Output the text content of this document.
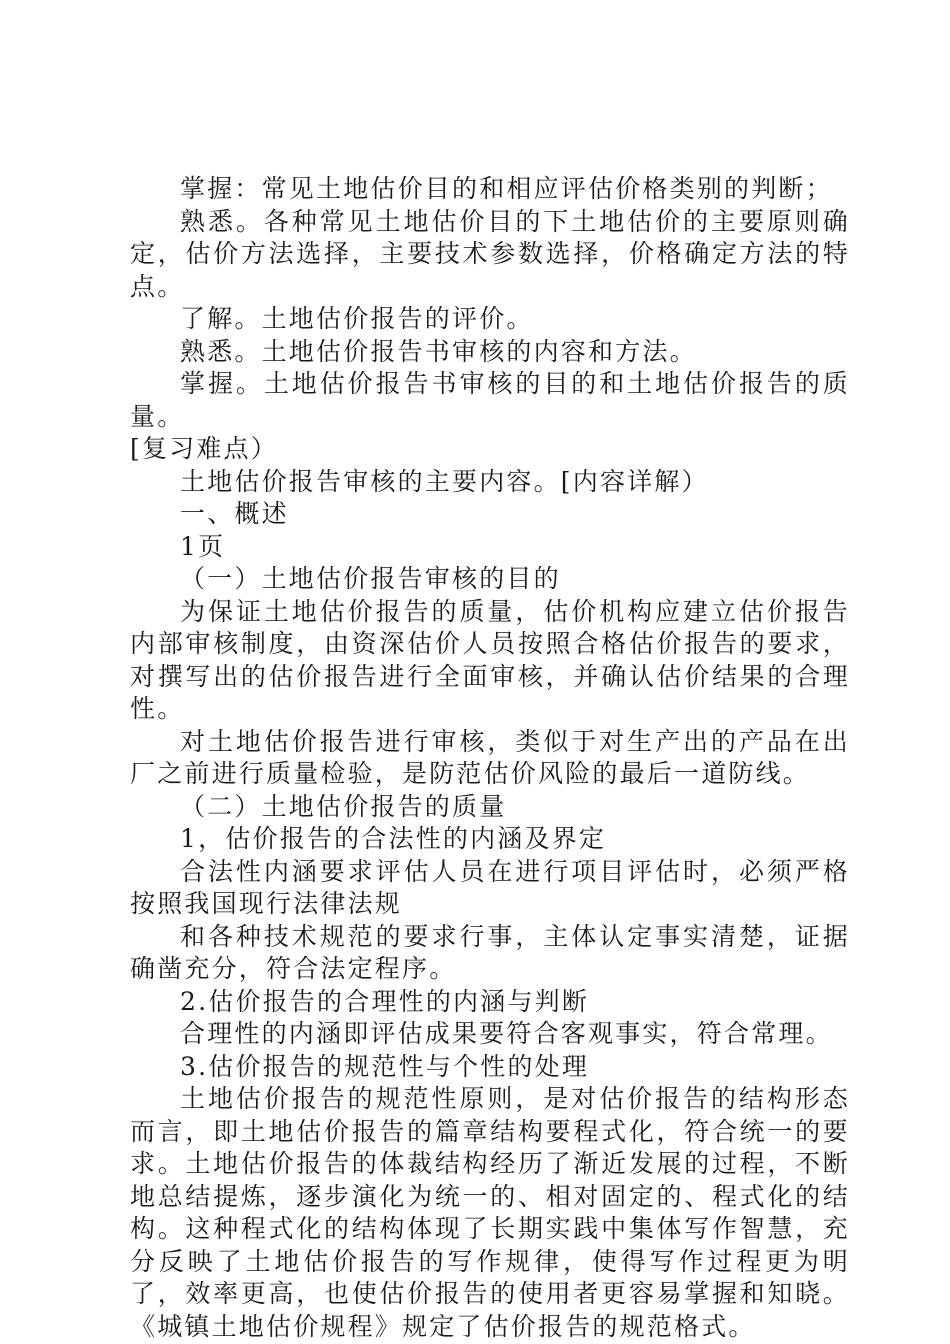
掌握：常见土地估价目的和相应评估价格类别的判断；

熟悉。各种常见土地估价目的下土地估价的主要原则确定，估价方法选择，主要技术参数选择，价格确定方法的特点。

了解。土地估价报告的评价。

熟悉。土地估价报告书审核的内容和方法。

掌握。土地估价报告书审核的目的和土地估价报告的质量。

[复习难点）

土地估价报告审核的主要内容。[内容详解）

一、概述

1页

（一）土地估价报告审核的目的

为保证土地估价报告的质量，估价机构应建立估价报告内部审核制度，由资深估价人员按照合格估价报告的要求，对撰写出的估价报告进行全面审核，并确认估价结果的合理性。

对土地估价报告进行审核，类似于对生产出的产品在出厂之前进行质量检验，是防范估价风险的最后一道防线。

（二）土地估价报告的质量

1，估价报告的合法性的内涵及界定

合法性内涵要求评估人员在进行项目评估时，必须严格按照我国现行法律法规

和各种技术规范的要求行事，主体认定事实清楚，证据确凿充分，符合法定程序。

2.估价报告的合理性的内涵与判断

合理性的内涵即评估成果要符合客观事实，符合常理。

3.估价报告的规范性与个性的处理

土地估价报告的规范性原则，是对估价报告的结构形态而言，即土地估价报告的篇章结构要程式化，符合统一的要求。土地估价报告的体裁结构经历了渐近发展的过程，不断地总结提炼，逐步演化为统一的、相对固定的、程式化的结构。这种程式化的结构体现了长期实践中集体写作智慧，充分反映了土地估价报告的写作规律，使得写作过程更为明了，效率更高，也使估价报告的使用者更容易掌握和知晓。《城镇土地估价规程》规定了估价报告的规范格式。
